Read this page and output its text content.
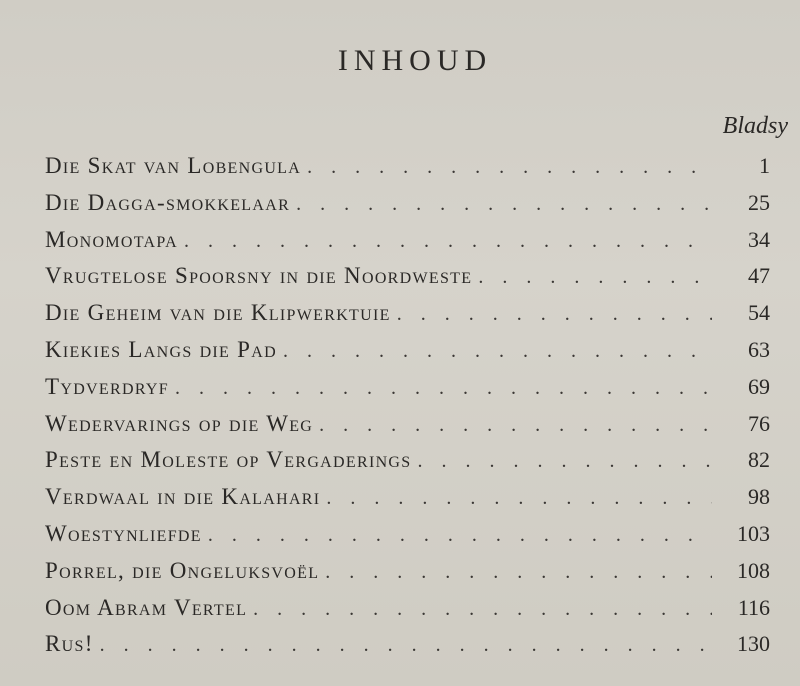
INHOUD
Bladsy
Die Skat van Lobengula . . .	1
Die Dagga-smokkelaar . . .	25
Monomotapa . . .	34
Vrugtelose Spoorsny in die Noordweste . . .	47
Die Geheim van die Klipwerktuie . . .	54
Kiekies Langs die Pad . . .	63
Tydverdryf . . .	69
Wedervarings op die Weg . . .	76
Peste en Moleste op Vergaderings . . .	82
Verdwaal in die Kalahari . . .	98
Woestynliefde . . .	103
Porrel, die Ongeluksvoël . . .	108
Oom Abram Vertel . . .	116
Rus! . . .	130
